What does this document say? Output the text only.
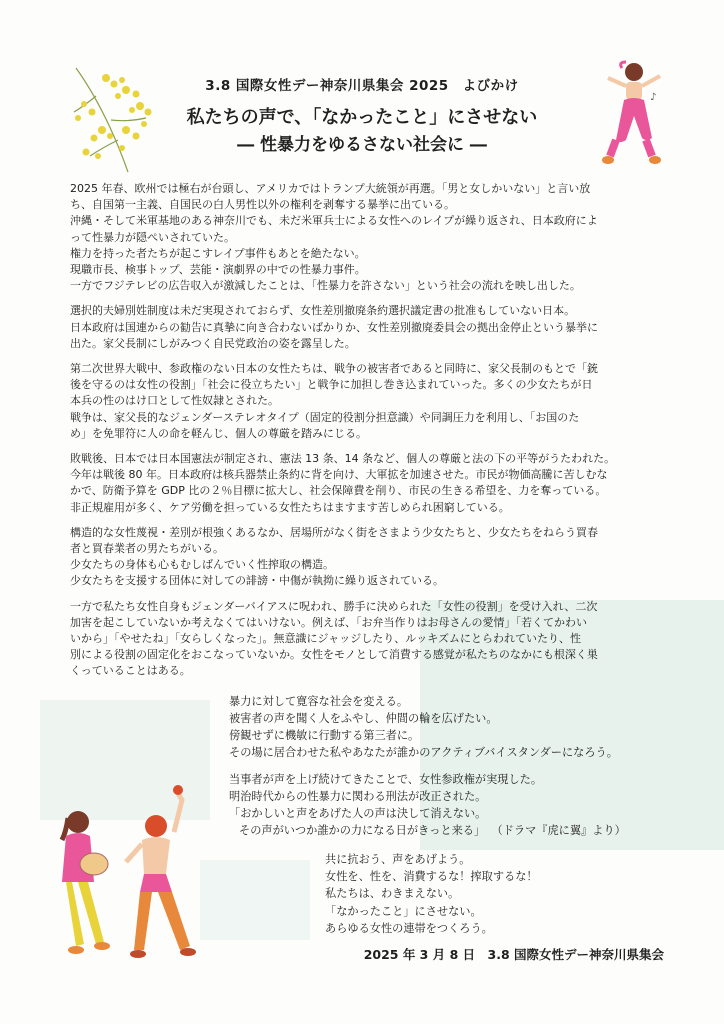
♪
3.8 国際女性デー神奈川県集会 2025　よびかけ
私たちの声で、「なかったこと」にさせない
― 性暴力をゆるさない社会に ―

2025 年春、欧州では極右が台頭し、アメリカではトランプ大統領が再選。「男と女しかいない」と言い放
ち、自国第一主義、自国民の白人男性以外の権利を剥奪する暴挙に出ている。
沖縄・そして米軍基地のある神奈川でも、未だ米軍兵士による女性へのレイプが繰り返され、日本政府によ
って性暴力が隠ぺいされていた。
権力を持った者たちが起こすレイプ事件もあとを絶たない。
現職市長、検事トップ、芸能・演劇界の中での性暴力事件。
一方でフジテレビの広告収入が激減したことは、「性暴力を許さない」という社会の流れを映し出した。

選択的夫婦別姓制度は未だ実現されておらず、女性差別撤廃条約選択議定書の批准もしていない日本。
日本政府は国連からの勧告に真摯に向き合わないばかりか、女性差別撤廃委員会の拠出金停止という暴挙に
出た。家父長制にしがみつく自民党政治の姿を露呈した。

第二次世界大戦中、参政権のない日本の女性たちは、戦争の被害者であると同時に、家父長制のもとで「銃
後を守るのは女性の役割」「社会に役立ちたい」と戦争に加担し巻き込まれていった。多くの少女たちが日
本兵の性のはけ口として性奴隷とされた。
戦争は、家父長的なジェンダーステレオタイプ（固定的役割分担意識）や同調圧力を利用し、「お国のた
め」を免罪符に人の命を軽んじ、個人の尊厳を踏みにじる。

敗戦後、日本では日本国憲法が制定され、憲法 13 条、14 条など、個人の尊厳と法の下の平等がうたわれた。
今年は戦後 80 年。日本政府は核兵器禁止条約に背を向け、大軍拡を加速させた。市民が物価高騰に苦しむな
かで、防衛予算を GDP 比の２％目標に拡大し、社会保障費を削り、市民の生きる希望を、力を奪っている。
非正規雇用が多く、ケア労働を担っている女性たちはますます苦しめられ困窮している。

構造的な女性蔑視・差別が根強くあるなか、居場所がなく街をさまよう少女たちと、少女たちをねらう買春
者と買春業者の男たちがいる。
少女たちの身体も心もむしばんでいく性搾取の構造。
少女たちを支援する団体に対しての誹謗・中傷が執拗に繰り返されている。

一方で私たち女性自身もジェンダーバイアスに呪われ、勝手に決められた「女性の役割」を受け入れ、二次
加害を起こしていないか考えなくてはいけない。例えば、「お弁当作りはお母さんの愛情」「若くてかわい
いから」「やせたね」「女らしくなった」。無意識にジャッジしたり、ルッキズムにとらわれていたり、性
別による役割の固定化をおこなっていないか。女性をモノとして消費する感覚が私たちのなかにも根深く巣
くっていることはある。

暴力に対して寛容な社会を変える。
被害者の声を聞く人をふやし、仲間の輪を広げたい。
傍観せずに機敏に行動する第三者に。
その場に居合わせた私やあなたが誰かのアクティブバイスタンダーになろう。
当事者が声を上げ続けてきたことで、女性参政権が実現した。
明治時代からの性暴力に関わる刑法が改正された。
「おかしいと声をあげた人の声は決して消えない。
その声がいつか誰かの力になる日がきっと来る」 （ドラマ『虎に翼』より）
共に抗おう、声をあげよう。
女性を、性を、消費するな！搾取するな！
私たちは、わきまえない。
「なかったこと」にさせない。
あらゆる女性の連帯をつくろう。
2025 年 3 月 8 日 3.8 国際女性デー神奈川県集会
